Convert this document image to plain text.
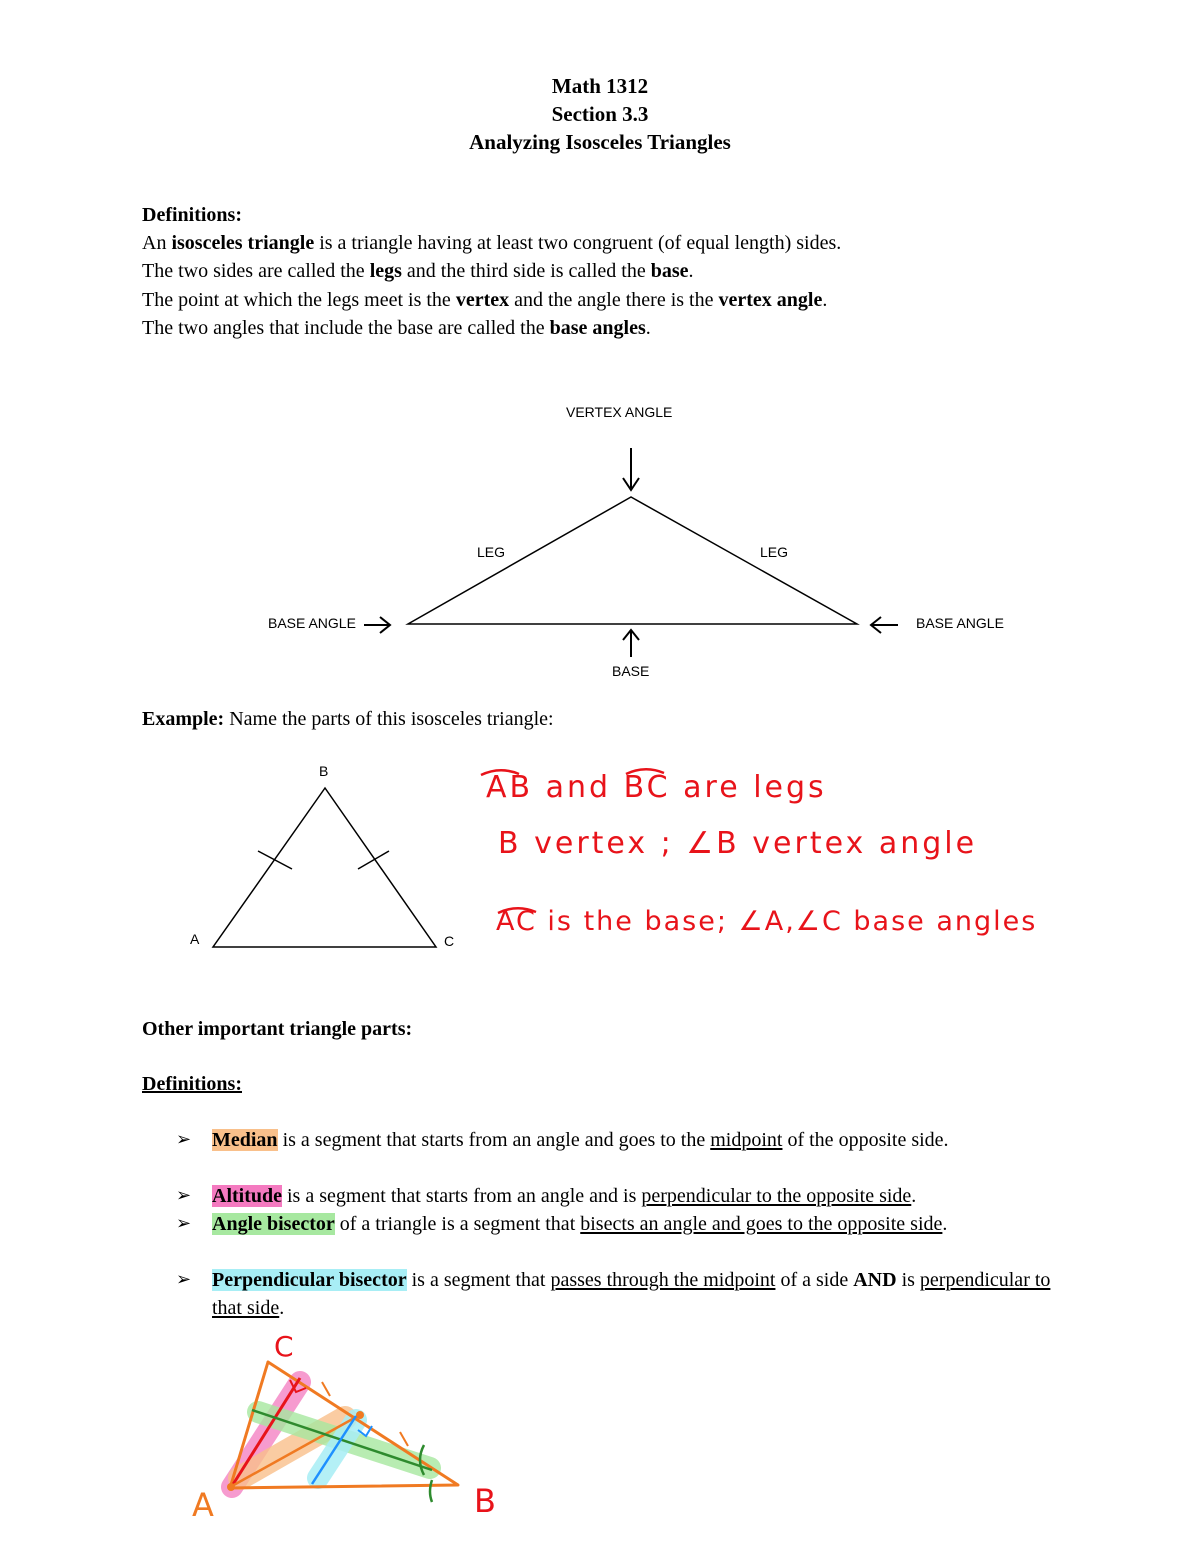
Math 1312
Section 3.3
Analyzing Isosceles Triangles
Definitions:
An isosceles triangle is a triangle having at least two congruent (of equal length) sides.
The two sides are called the legs and the third side is called the base.
The point at which the legs meet is the vertex and the angle there is the vertex angle.
The two angles that include the base are called the base angles.
VERTEX ANGLE
LEG	LEG
BASE ANGLE	BASE ANGLE
BASE
Example: Name the parts of this isosceles triangle:
B
A	C
AB and BC are legs
B vertex ; ∠B vertex angle
AC is the base; ∠A,∠C base angles
Other important triangle parts:
Definitions:
➢	Median is a segment that starts from an angle and goes to the midpoint of the opposite side.
➢	Altitude is a segment that starts from an angle and is perpendicular to the opposite side.
➢	Angle bisector of a triangle is a segment that bisects an angle and goes to the opposite side.
➢	Perpendicular bisector is a segment that passes through the midpoint of a side AND is perpendicular to that side.
C
A	B
